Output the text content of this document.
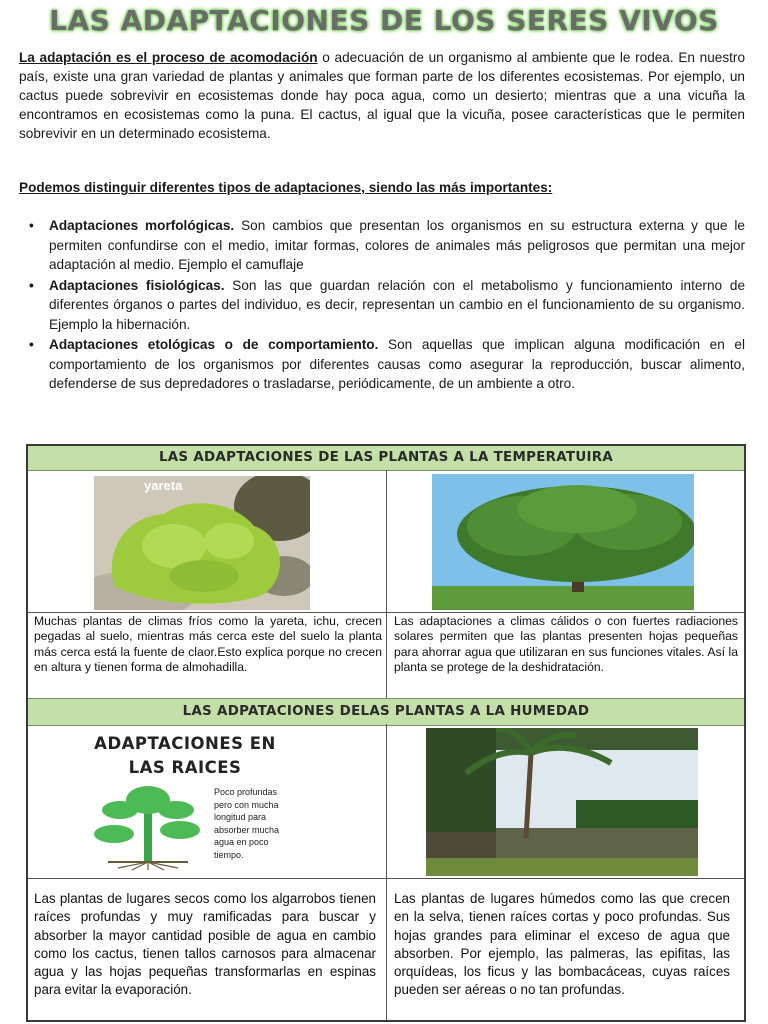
LAS ADAPTACIONES DE LOS SERES VIVOS
La adaptación es el proceso de acomodación o adecuación de un organismo al ambiente que le rodea. En nuestro país, existe una gran variedad de plantas y animales que forman parte de los diferentes ecosistemas. Por ejemplo, un cactus puede sobrevivir en ecosistemas donde hay poca agua, como un desierto; mientras que a una vicuña la encontramos en ecosistemas como la puna. El cactus, al igual que la vicuña, posee características que le permiten sobrevivir en un determinado ecosistema.
Podemos distinguir diferentes tipos de adaptaciones, siendo las más importantes:
• Adaptaciones morfológicas. Son cambios que presentan los organismos en su estructura externa y que le permiten confundirse con el medio, imitar formas, colores de animales más peligrosos que permitan una mejor adaptación al medio. Ejemplo el camuflaje
• Adaptaciones fisiológicas. Son las que guardan relación con el metabolismo y funcionamiento interno de diferentes órganos o partes del individuo, es decir, representan un cambio en el funcionamiento de su organismo. Ejemplo la hibernación.
• Adaptaciones etológicas o de comportamiento. Son aquellas que implican alguna modificación en el comportamiento de los organismos por diferentes causas como asegurar la reproducción, buscar alimento, defenderse de sus depredadores o trasladarse, periódicamente, de un ambiente a otro.
LAS ADAPTACIONES DE LAS PLANTAS A LA TEMPERATUIRA
yareta
Muchas plantas de climas fríos como la yareta, ichu, crecen pegadas al suelo, mientras más cerca este del suelo la planta más cerca está la fuente de claor.Esto explica porque no crecen en altura y tienen forma de almohadilla.
Las adaptaciones a climas cálidos o con fuertes radiaciones solares permiten que las plantas presenten hojas pequeñas para ahorrar agua que utilizaran en sus funciones vitales. Así la planta se protege de la deshidratación.
LAS ADPATACIONES DELAS PLANTAS A LA HUMEDAD
ADAPTACIONES EN
LAS RAICES
Poco profundas
pero con mucha
longitud para
absorber mucha
agua en poco
tiempo.
Las plantas de lugares secos como los algarrobos tienen raíces profundas y muy ramificadas para buscar y absorber la mayor cantidad posible de agua en cambio como los cactus, tienen tallos carnosos para almacenar agua y las hojas pequeñas transformarlas en espinas para evitar la evaporación.
Las plantas de lugares húmedos como las que crecen en la selva, tienen raíces cortas y poco profundas. Sus hojas grandes para eliminar el exceso de agua que absorben. Por ejemplo, las palmeras, las epifitas, las orquídeas, los ficus y las bombacáceas, cuyas raíces pueden ser aéreas o no tan profundas.
